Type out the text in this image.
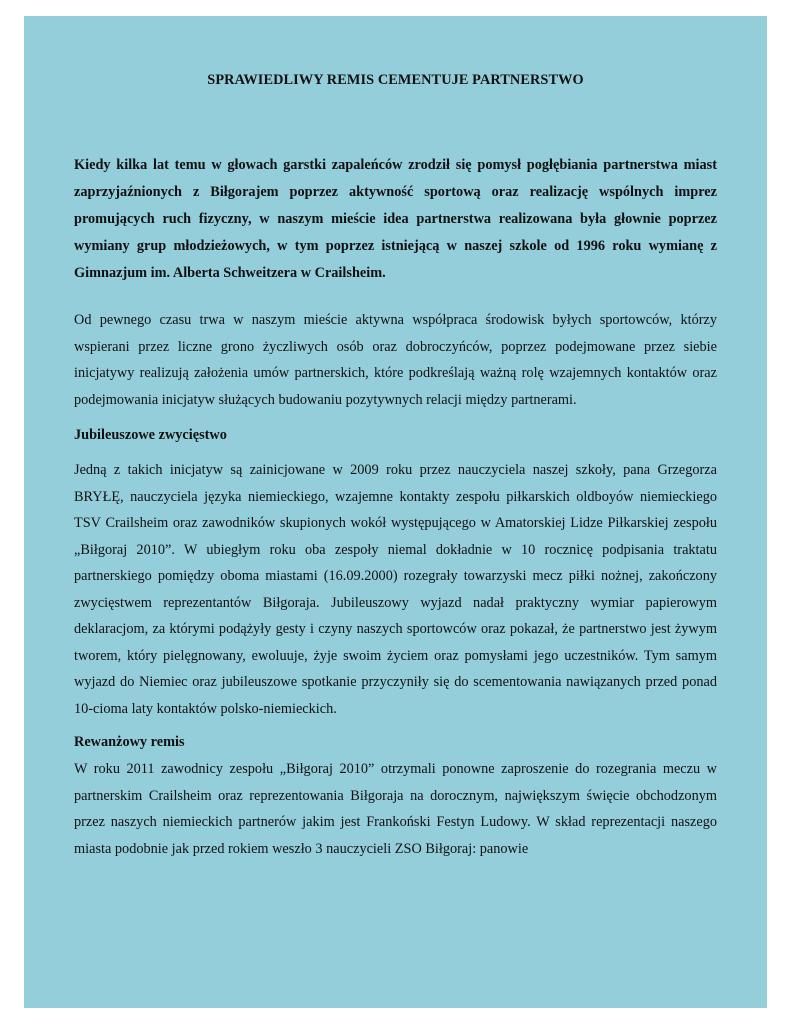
SPRAWIEDLIWY REMIS CEMENTUJE PARTNERSTWO

Kiedy kilka lat temu w głowach garstki zapaleńców zrodził się pomysł pogłębiania partnerstwa miast zaprzyjaźnionych z Biłgorajem poprzez aktywność sportową oraz realizację wspólnych imprez promujących ruch fizyczny, w naszym mieście idea partnerstwa realizowana była głownie poprzez wymiany grup młodzieżowych, w tym poprzez istniejącą w naszej szkole od 1996 roku wymianę z Gimnazjum im. Alberta Schweitzera w Crailsheim.

Od pewnego czasu trwa w naszym mieście aktywna współpraca środowisk byłych sportowców, którzy wspierani przez liczne grono życzliwych osób oraz dobroczyńców, poprzez podejmowane przez siebie inicjatywy realizują założenia umów partnerskich, które podkreślają ważną rolę wzajemnych kontaktów oraz podejmowania inicjatyw służących budowaniu pozytywnych relacji między partnerami.

Jubileuszowe zwycięstwo

Jedną z takich inicjatyw są zainicjowane w 2009 roku przez nauczyciela naszej szkoły, pana Grzegorza BRYŁĘ, nauczyciela języka niemieckiego, wzajemne kontakty zespołu piłkarskich oldboyów niemieckiego TSV Crailsheim oraz zawodników skupionych wokół występującego w Amatorskiej Lidze Piłkarskiej zespołu „Biłgoraj 2010”. W ubiegłym roku oba zespoły niemal dokładnie w 10 rocznicę podpisania traktatu partnerskiego pomiędzy oboma miastami (16.09.2000) rozegrały towarzyski mecz piłki nożnej, zakończony zwycięstwem reprezentantów Biłgoraja. Jubileuszowy wyjazd nadał praktyczny wymiar papierowym deklaracjom, za którymi podążyły gesty i czyny naszych sportowców oraz pokazał, że partnerstwo jest żywym tworem, który pielęgnowany, ewoluuje, żyje swoim życiem oraz pomysłami jego uczestników. Tym samym wyjazd do Niemiec oraz jubileuszowe spotkanie przyczyniły się do scementowania nawiązanych przed ponad 10-cioma laty kontaktów polsko-niemieckich.

Rewanżowy remis

W roku 2011 zawodnicy zespołu „Biłgoraj 2010” otrzymali ponowne zaproszenie do rozegrania meczu w partnerskim Crailsheim oraz reprezentowania Biłgoraja na dorocznym, największym święcie obchodzonym przez naszych niemieckich partnerów jakim jest Frankoński Festyn Ludowy. W skład reprezentacji naszego miasta podobnie jak przed rokiem weszło 3 nauczycieli ZSO Biłgoraj: panowie
